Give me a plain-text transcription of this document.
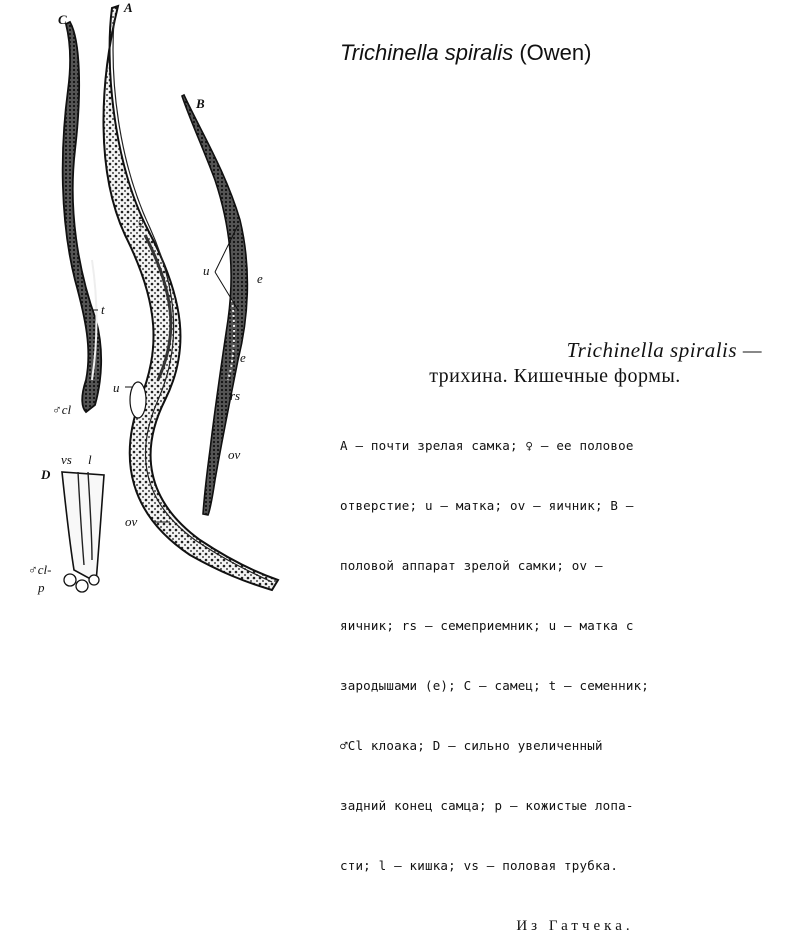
Trichinella spiralis (Owen)
C
A
B
D
♀
u
e
e
rs
ov
ov
u
t
♂cl
vs l
♂cl-
p
Trichinella spiralis —
трихина. Кишечные формы.

А — почти зрелая самка; ♀ — ее половое

отверстие; u — матка; ov — яичник; B —

половой аппарат зрелой самки; ov —

яичник; rs — семеприемник; u — матка с

зародышами (е); С — самец; t — семенник;

♂Cl клоака; D — сильно увеличенный

задний конец самца; p — кожистые лопа-

сти; l — кишка; vs — половая трубка.

Из Гатчека.
